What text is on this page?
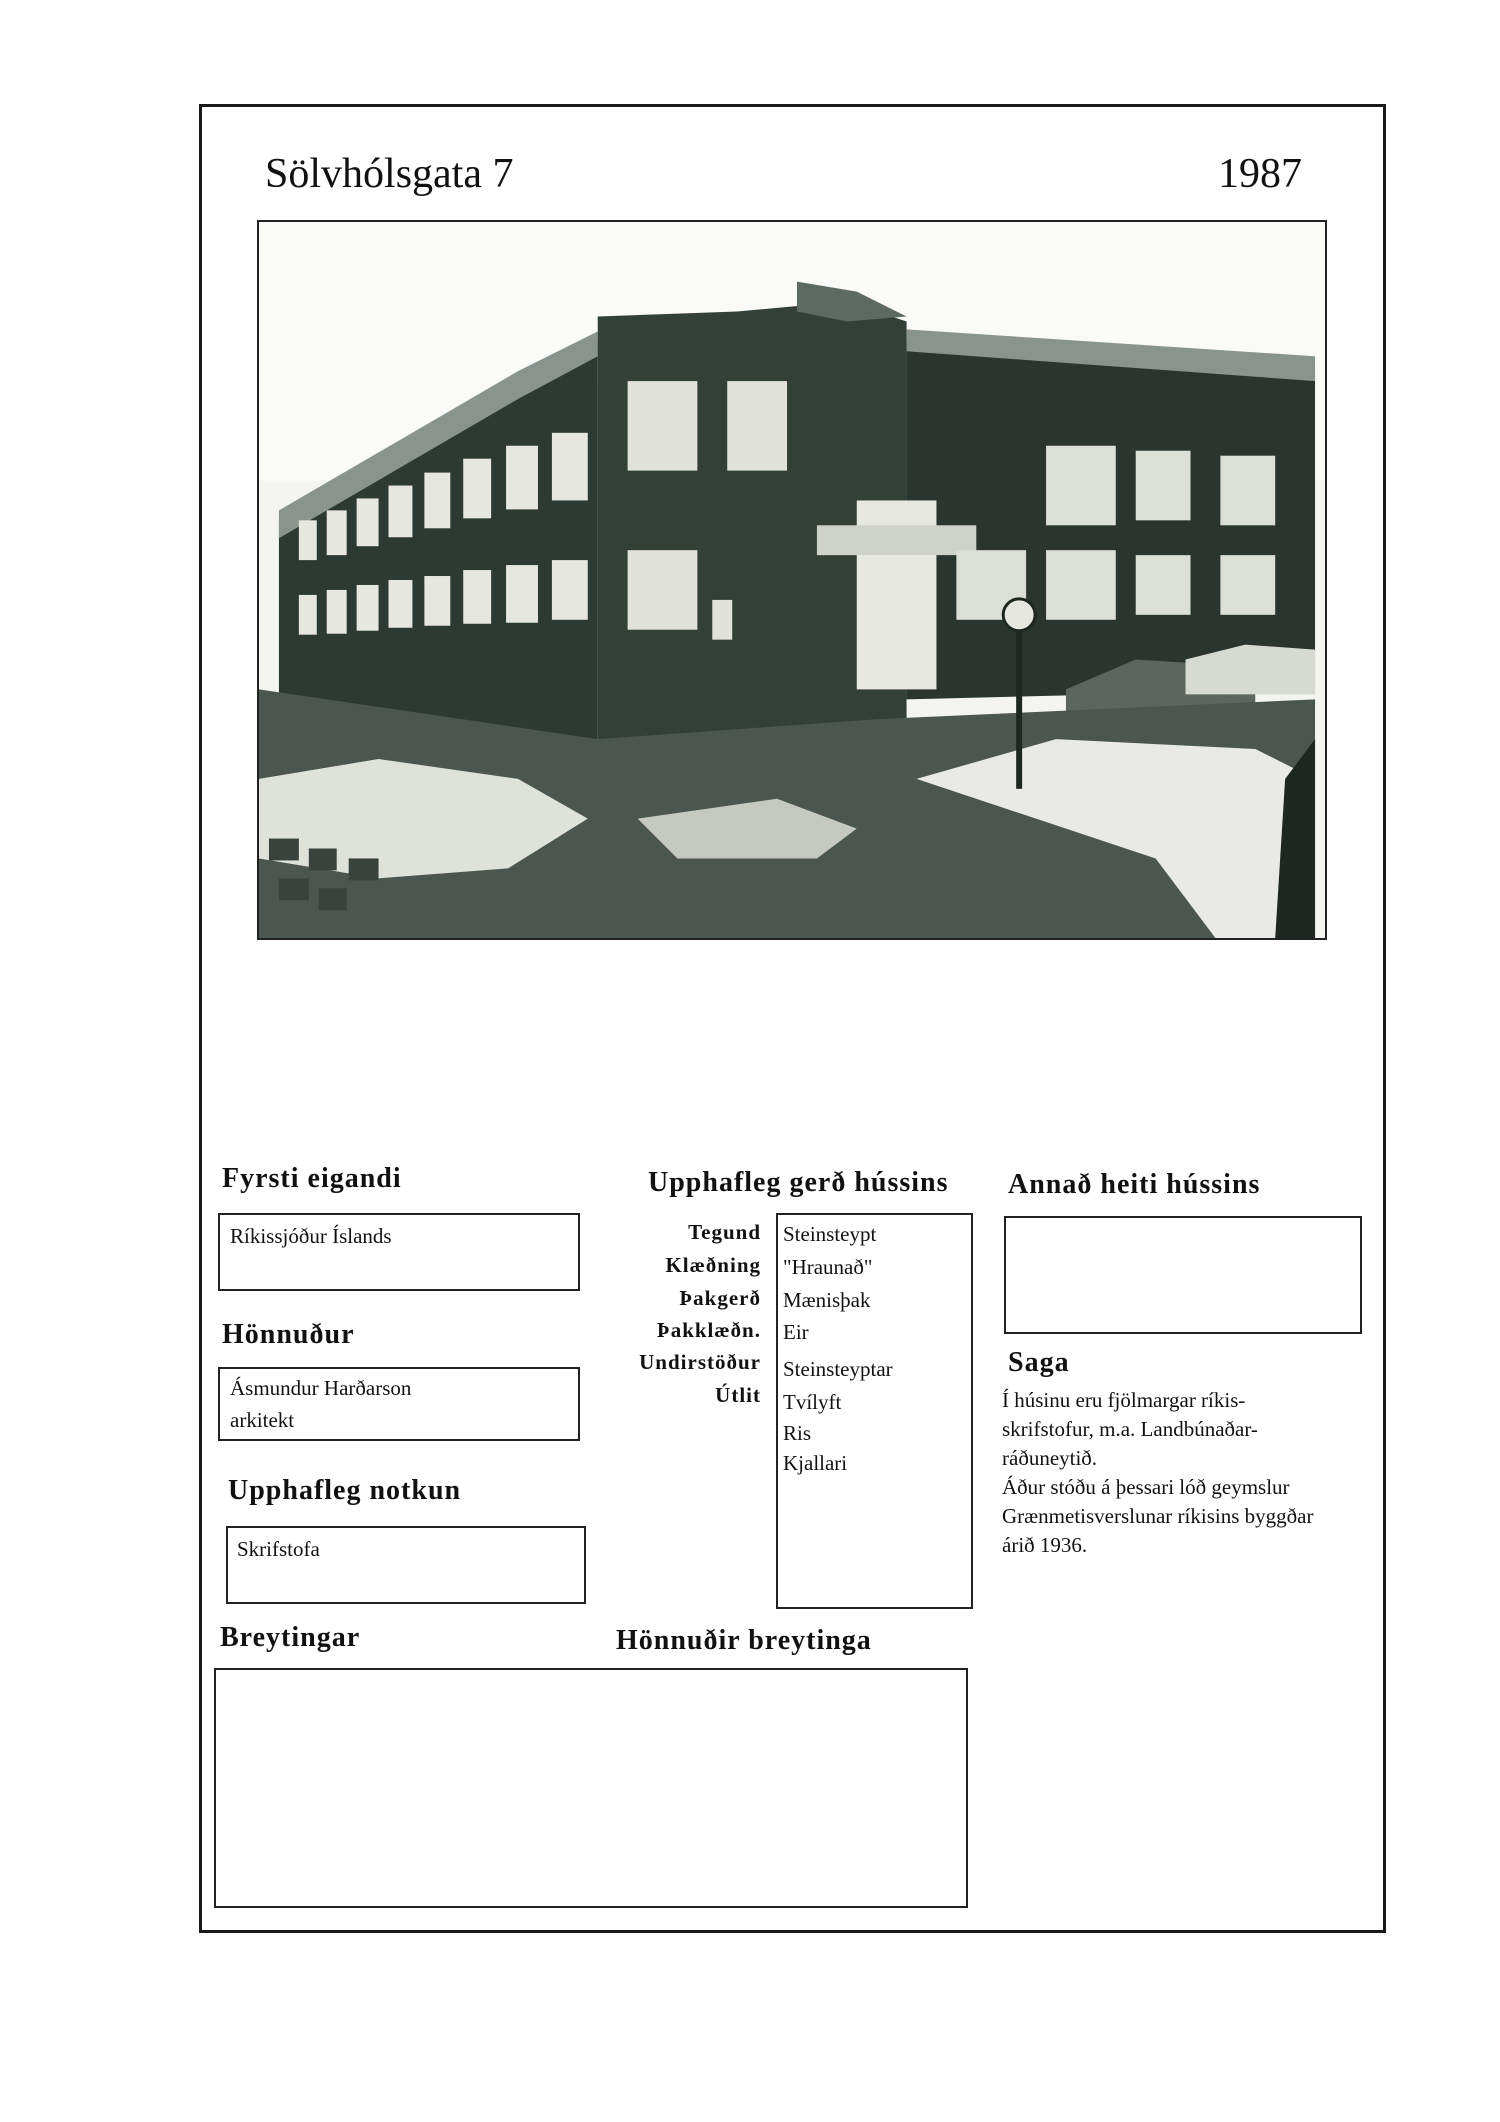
Sölvhólsgata 7	1987
Fyrsti eigandi
Ríkissjóður Íslands
Hönnuður
Ásmundur Harðarson
arkitekt
Upphafleg notkun
Skrifstofa
Upphafleg gerð hússins
Tegund
Klæðning
Þakgerð
Þakklæðn.
Undirstöður
Útlit
Steinsteypt
"Hraunað"
Mænisþak
Eir
Steinsteyptar
Tvílyft
Ris
Kjallari
Annað heiti hússins
Saga

Í húsinu eru fjölmargar ríkis-

skrifstofur, m.a. Landbúnaðar-

ráðuneytið.

Áður stóðu á þessari lóð geymslur

Grænmetisverslunar ríkisins byggðar

árið 1936.

Breytingar	Hönnuðir breytinga
